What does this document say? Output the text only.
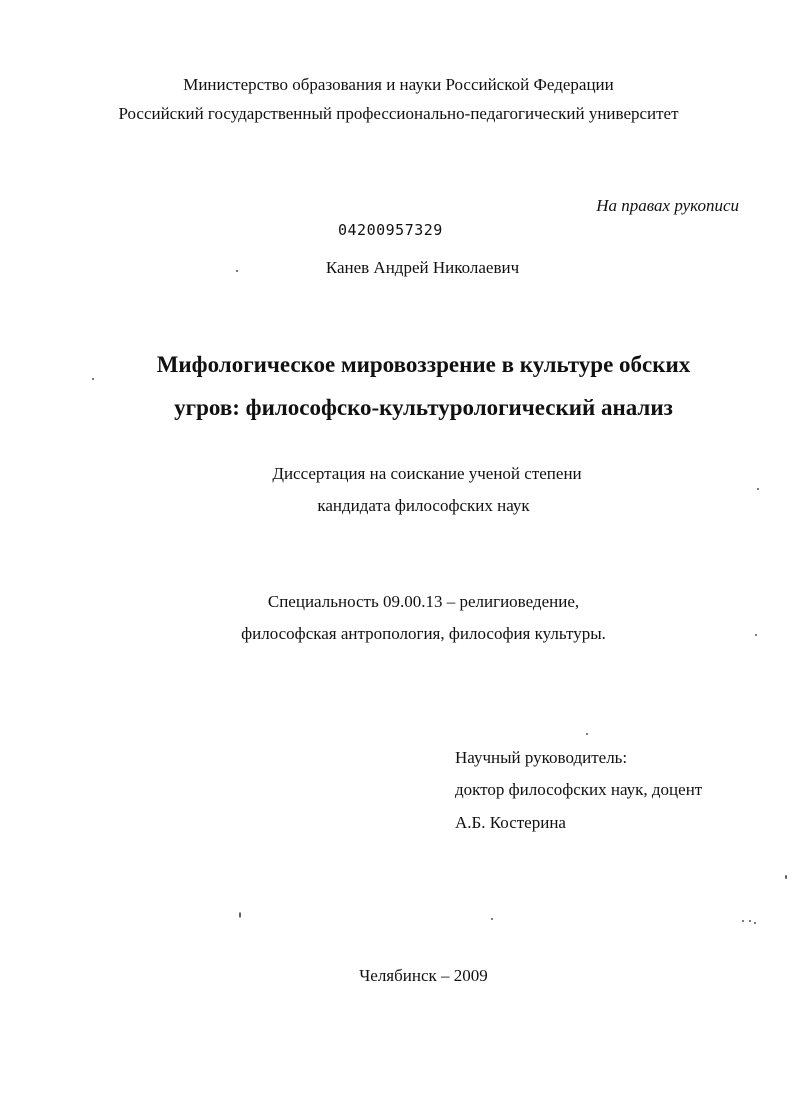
Министерство образования и науки Российской Федерации
Российский государственный профессионально-педагогический университет
На правах рукописи
04200957329
Канев Андрей Николаевич
Мифологическое мировоззрение в культуре обских
угров: философско-культурологический анализ
Диссертация на соискание ученой степени
кандидата философских наук
Специальность 09.00.13 – религиоведение,
философская антропология, философия культуры.
Научный руководитель:
доктор философских наук, доцент
А.Б. Костерина
Челябинск – 2009
